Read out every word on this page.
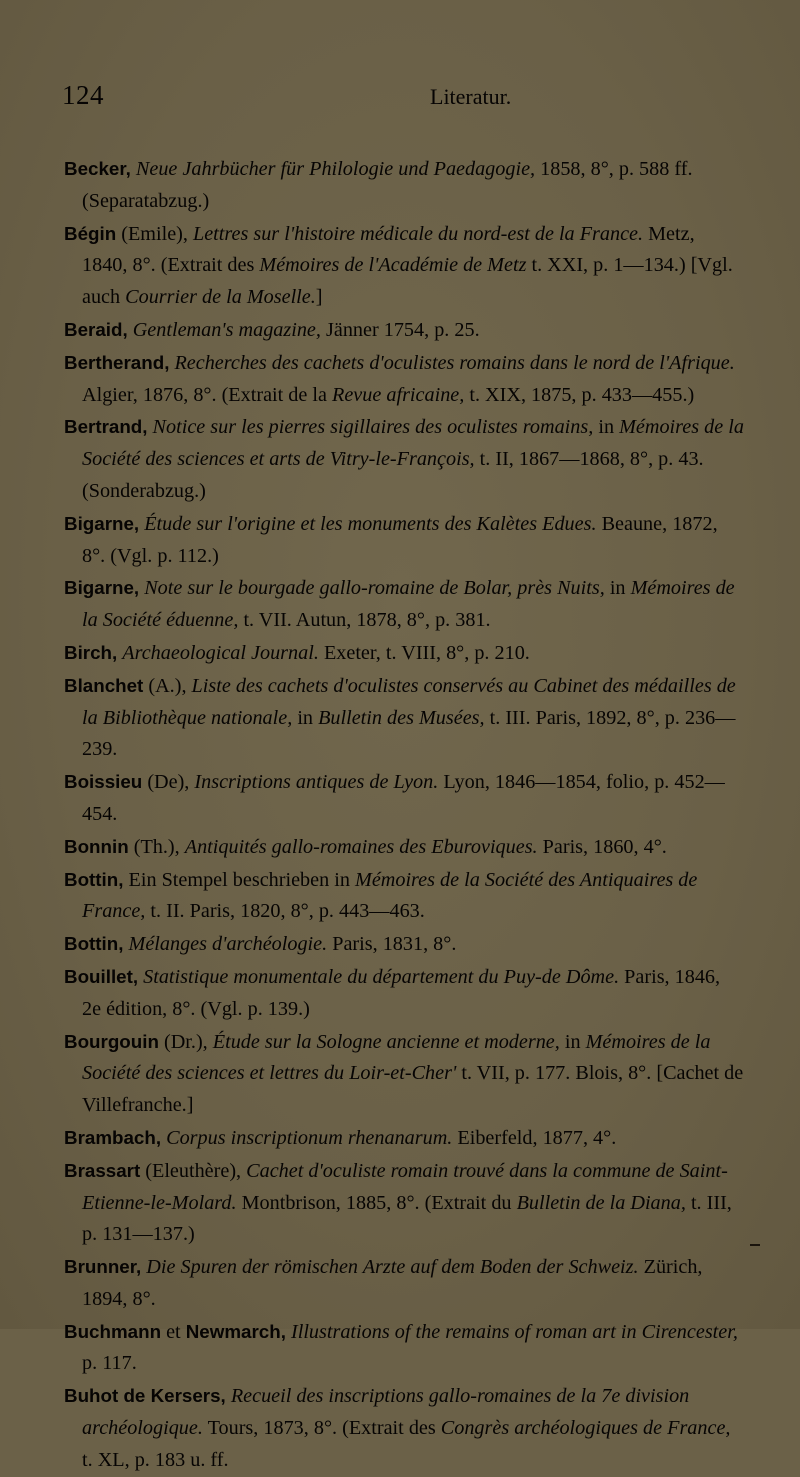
124	Literatur.

Becker, Neue Jahrbücher für Philologie und Paedagogie, 1858, 8°, p. 588 ff. (Separatabzug.)

Bégin (Emile), Lettres sur l'histoire médicale du nord-est de la France. Metz, 1840, 8°. (Extrait des Mémoires de l'Académie de Metz t. XXI, p. 1—134.) [Vgl. auch Courrier de la Moselle.]

Beraid, Gentleman's magazine, Jänner 1754, p. 25.

Bertherand, Recherches des cachets d'oculistes romains dans le nord de l'Afrique. Algier, 1876, 8°. (Extrait de la Revue africaine, t. XIX, 1875, p. 433—455.)

Bertrand, Notice sur les pierres sigillaires des oculistes romains, in Mémoires de la Société des sciences et arts de Vitry-le-François, t. II, 1867—1868, 8°, p. 43. (Sonderabzug.)

Bigarne, Étude sur l'origine et les monuments des Kalètes Edues. Beaune, 1872, 8°. (Vgl. p. 112.)

Bigarne, Note sur le bourgade gallo-romaine de Bolar, près Nuits, in Mémoires de la Société éduenne, t. VII. Autun, 1878, 8°, p. 381.

Birch, Archaeological Journal. Exeter, t. VIII, 8°, p. 210.

Blanchet (A.), Liste des cachets d'oculistes conservés au Cabinet des médailles de la Bibliothèque nationale, in Bulletin des Musées, t. III. Paris, 1892, 8°, p. 236—239.

Boissieu (De), Inscriptions antiques de Lyon. Lyon, 1846—1854, folio, p. 452—454.

Bonnin (Th.), Antiquités gallo-romaines des Eburoviques. Paris, 1860, 4°.

Bottin, Ein Stempel beschrieben in Mémoires de la Société des Antiquaires de France, t. II. Paris, 1820, 8°, p. 443—463.

Bottin, Mélanges d'archéologie. Paris, 1831, 8°.

Bouillet, Statistique monumentale du département du Puy-de Dôme. Paris, 1846, 2e édition, 8°. (Vgl. p. 139.)

Bourgouin (Dr.), Étude sur la Sologne ancienne et moderne, in Mémoires de la Société des sciences et lettres du Loir-et-Cher' t. VII, p. 177. Blois, 8°. [Cachet de Villefranche.]

Brambach, Corpus inscriptionum rhenanarum. Eiberfeld, 1877, 4°.

Brassart (Eleuthère), Cachet d'oculiste romain trouvé dans la commune de Saint-Etienne-le-Molard. Montbrison, 1885, 8°. (Extrait du Bulletin de la Diana, t. III, p. 131—137.)

Brunner, Die Spuren der römischen Arzte auf dem Boden der Schweiz. Zürich, 1894, 8°.

Buchmann et Newmarch, Illustrations of the remains of roman art in Cirencester, p. 117.

Buhot de Kersers, Recueil des inscriptions gallo-romaines de la 7e division archéologique. Tours, 1873, 8°. (Extrait des Congrès archéologiques de France, t. XL, p. 183 u. ff.
